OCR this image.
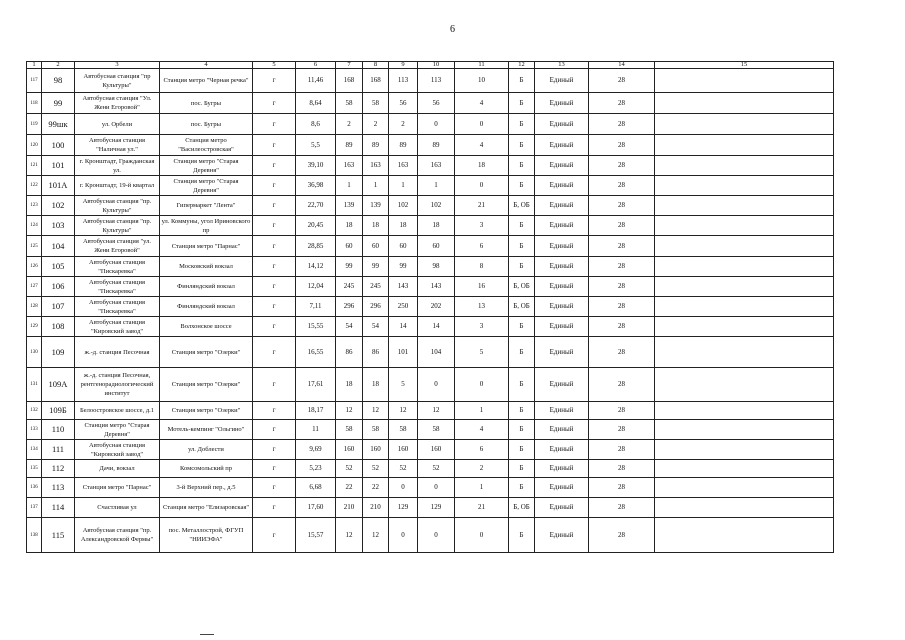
6
1	2	3	4	5	6	7	8	9	10	11	12	13	14	15
117	98	Автобусная станция "пр Культуры"	Станция метро "Черная речка"	г	11,46	168	168	113	113	10	Б	Единый	28	
118	99	Автобусная станция "Ул. Жени Егоровой"	пос. Бугры	г	8,64	58	58	56	56	4	Б	Единый	28	
119	99шк	ул. Орбели	пос. Бугры	г	8,6	2	2	2	0	0	Б	Единый	28	
120	100	Автобусная станция "Наличная ул."	Станция метро "Василеостровская"	г	5,5	89	89	89	89	4	Б	Единый	28	
121	101	г. Кронштадт, Гражданская ул.	Станция метро "Старая Деревня"	г	39,10	163	163	163	163	18	Б	Единый	28	
122	101А	г. Кронштадт, 19-й квартал	Станция метро "Старая Деревня"	г	36,98	1	1	1	1	0	Б	Единый	28	
123	102	Автобусная станция "пр. Культуры"	Гипермаркет "Лента"	г	22,70	139	139	102	102	21	Б, ОБ	Единый	28	
124	103	Автобусная станция "пр. Культуры"	ул. Коммуны, угол Ириновского пр	г	20,45	18	18	18	18	3	Б	Единый	28	
125	104	Автобусная станция "ул. Жени Егоровой"	Станция метро "Парнас"	г	28,85	60	60	60	60	6	Б	Единый	28	
126	105	Автобусная станция "Пискаревка"	Московский вокзал	г	14,12	99	99	99	98	8	Б	Единый	28	
127	106	Автобусная станция "Пискаревка"	Финляндский вокзал	г	12,04	245	245	143	143	16	Б, ОБ	Единый	28	
128	107	Автобусная станция "Пискаревка"	Финляндский вокзал	г	7,11	296	296	250	202	13	Б, ОБ	Единый	28	
129	108	Автобусная станция "Кировский завод"	Волхонское шоссе	г	15,55	54	54	14	14	3	Б	Единый	28	
130	109	ж.-д. станция Песочная	Станция метро "Озерки"	г	16,55	86	86	101	104	5	Б	Единый	28	
131	109А	ж.-д. станция Песочная, рентгенорадиологический институт	Станция метро "Озерки"	г	17,61	18	18	5	0	0	Б	Единый	28	
132	109Б	Белоостровское шоссе, д.1	Станция метро "Озерки"	г	18,17	12	12	12	12	1	Б	Единый	28	
133	110	Станция метро "Старая Деревня"	Мотель-кемпинг "Ольгино"	г	11	58	58	58	58	4	Б	Единый	28	
134	111	Автобусная станция "Кировский завод"	ул. Доблести	г	9,69	160	160	160	160	6	Б	Единый	28	
135	112	Дачи, вокзал	Комсомольский пр	г	5,23	52	52	52	52	2	Б	Единый	28	
136	113	Станция метро "Парнас"	3-й Верхний пер., д.5	г	6,68	22	22	0	0	1	Б	Единый	28	
137	114	Счастливая ул	Станция метро "Елизаровская"	г	17,60	210	210	129	129	21	Б, ОБ	Единый	28	
138	115	Автобусная станция "пр. Александровской Фермы"	пос. Металлострой, ФГУП "НИИЭФА"	г	15,57	12	12	0	0	0	Б	Единый	28	
